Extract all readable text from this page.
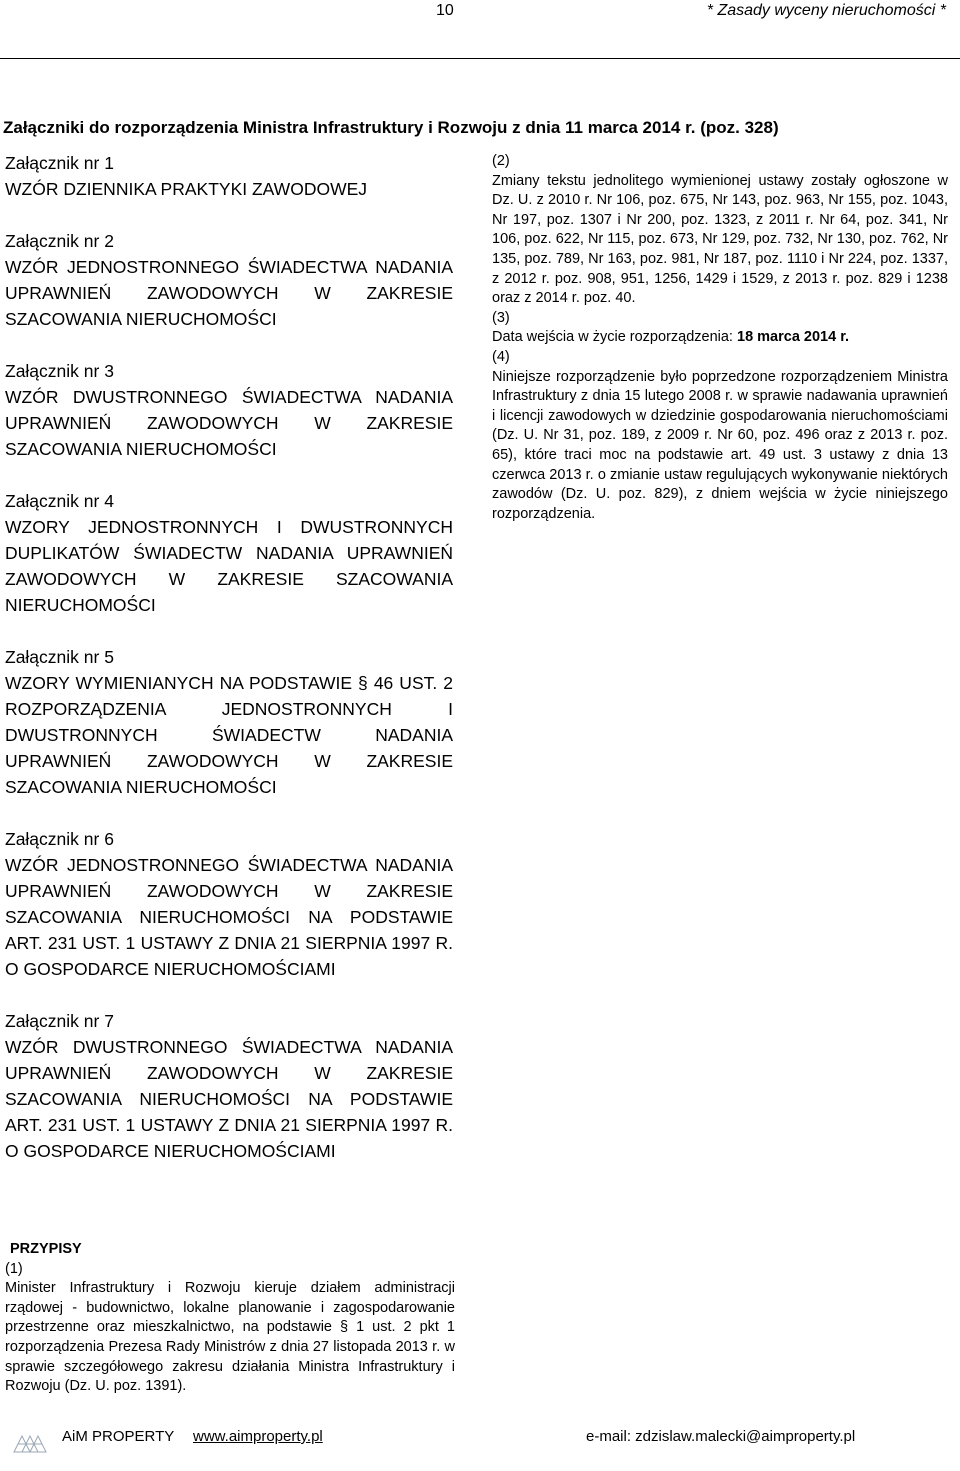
10	* Zasady wyceny nieruchomości *
Załączniki do rozporządzenia Ministra Infrastruktury i Rozwoju z dnia 11 marca 2014 r. (poz. 328)
Załącznik nr 1
WZÓR DZIENNIKA PRAKTYKI ZAWODOWEJ
Załącznik nr 2
WZÓR JEDNOSTRONNEGO ŚWIADECTWA NADANIA UPRAWNIEŃ ZAWODOWYCH W ZAKRESIE SZACOWANIA NIERUCHOMOŚCI
Załącznik nr 3
WZÓR DWUSTRONNEGO ŚWIADECTWA NADANIA UPRAWNIEŃ ZAWODOWYCH W ZAKRESIE SZACOWANIA NIERUCHOMOŚCI
Załącznik nr 4
WZORY JEDNOSTRONNYCH I DWUSTRONNYCH DUPLIKATÓW ŚWIADECTW NADANIA UPRAWNIEŃ ZAWODOWYCH W ZAKRESIE SZACOWANIA NIERUCHOMOŚCI
Załącznik nr 5
WZORY WYMIENIANYCH NA PODSTAWIE § 46 UST. 2 ROZPORZĄDZENIA JEDNOSTRONNYCH I DWUSTRONNYCH ŚWIADECTW NADANIA UPRAWNIEŃ ZAWODOWYCH W ZAKRESIE SZACOWANIA NIERUCHOMOŚCI
Załącznik nr 6
WZÓR JEDNOSTRONNEGO ŚWIADECTWA NADANIA UPRAWNIEŃ ZAWODOWYCH W ZAKRESIE SZACOWANIA NIERUCHOMOŚCI NA PODSTAWIE ART. 231 UST. 1 USTAWY Z DNIA 21 SIERPNIA 1997 R. O GOSPODARCE NIERUCHOMOŚCIAMI
Załącznik nr 7
WZÓR DWUSTRONNEGO ŚWIADECTWA NADANIA UPRAWNIEŃ ZAWODOWYCH W ZAKRESIE SZACOWANIA NIERUCHOMOŚCI NA PODSTAWIE ART. 231 UST. 1 USTAWY Z DNIA 21 SIERPNIA 1997 R. O GOSPODARCE NIERUCHOMOŚCIAMI
(2)
Zmiany tekstu jednolitego wymienionej ustawy zostały ogłoszone w Dz. U. z 2010 r. Nr 106, poz. 675, Nr 143, poz. 963, Nr 155, poz. 1043, Nr 197, poz. 1307 i Nr 200, poz. 1323, z 2011 r. Nr 64, poz. 341, Nr 106, poz. 622, Nr 115, poz. 673, Nr 129, poz. 732, Nr 130, poz. 762, Nr 135, poz. 789, Nr 163, poz. 981, Nr 187, poz. 1110 i Nr 224, poz. 1337, z 2012 r. poz. 908, 951, 1256, 1429 i 1529, z 2013 r. poz. 829 i 1238 oraz z 2014 r. poz. 40.
(3)
Data wejścia w życie rozporządzenia: 18 marca 2014 r.
(4)
Niniejsze rozporządzenie było poprzedzone rozporządzeniem Ministra Infrastruktury z dnia 15 lutego 2008 r. w sprawie nadawania uprawnień i licencji zawodowych w dziedzinie gospodarowania nieruchomościami (Dz. U. Nr 31, poz. 189, z 2009 r. Nr 60, poz. 496 oraz z 2013 r. poz. 65), które traci moc na podstawie art. 49 ust. 3 ustawy z dnia 13 czerwca 2013 r. o zmianie ustaw regulujących wykonywanie niektórych zawodów (Dz. U. poz. 829), z dniem wejścia w życie niniejszego rozporządzenia.
PRZYPISY
(1)
Minister Infrastruktury i Rozwoju kieruje działem administracji rządowej - budownictwo, lokalne planowanie i zagospodarowanie przestrzenne oraz mieszkalnictwo, na podstawie § 1 ust. 2 pkt 1 rozporządzenia Prezesa Rady Ministrów z dnia 27 listopada 2013 r. w sprawie szczegółowego zakresu działania Ministra Infrastruktury i Rozwoju (Dz. U. poz. 1391).
AiM PROPERTY www.aimproperty.pl	e-mail: zdzislaw.malecki@aimproperty.pl
